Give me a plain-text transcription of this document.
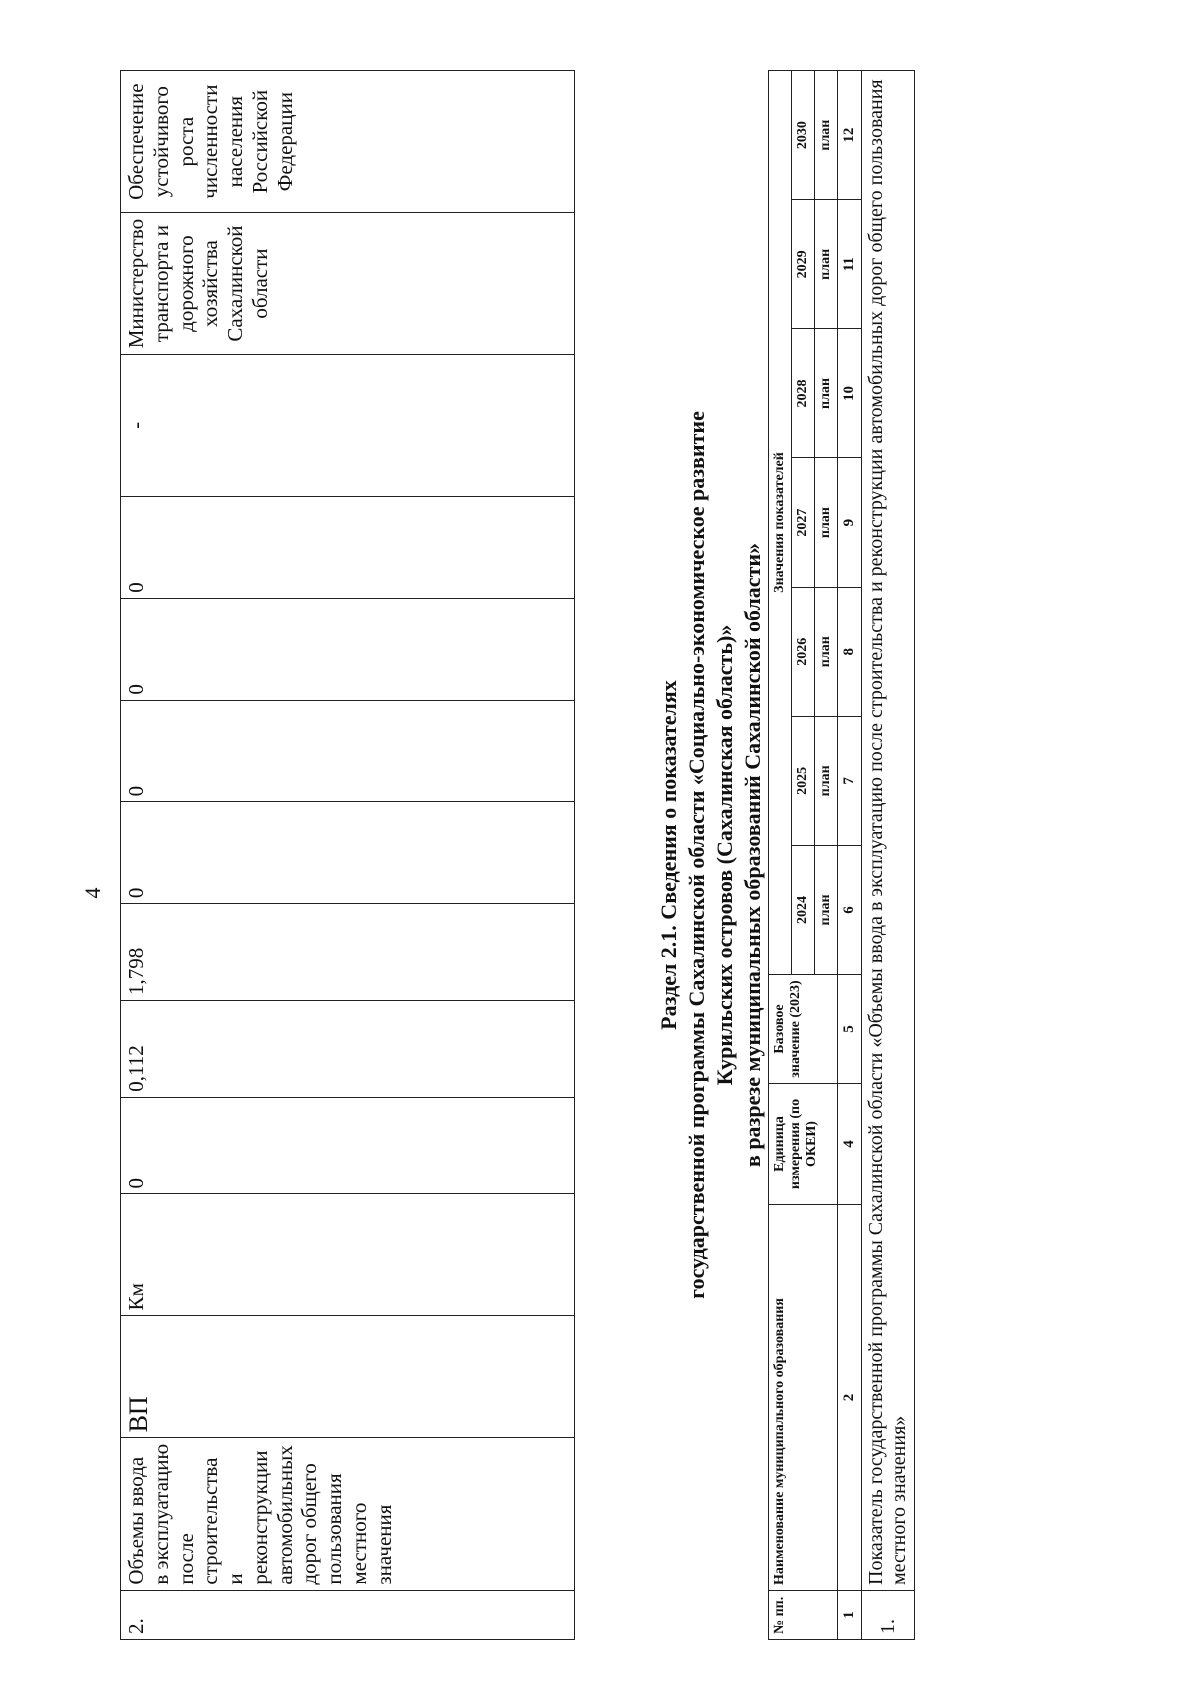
4
2.	Объемы ввода в эксплуатацию после строительства и реконструкции автомобильных дорог общего пользования местного значения	ВП	Км	0	0,112	1,798	0	0	0	0	-	Министерство транспорта и дорожного хозяйства Сахалинской области	Обеспечение устойчивого роста численности населения Российской Федерации
Раздел 2.1. Сведения о показателях государственной программы Сахалинской области «Социально-экономическое развитие Курильских островов (Сахалинская область)» в разрезе муниципальных образований Сахалинской области»
№ пп.	Наименование муниципального образования	Единица измерения (по ОКЕИ)	Базовое значение (2023)	Значения показателей						
				2024	2025	2026	2027	2028	2029	2030
				план	план	план	план	план	план	план
1	2	4	5	6	7	8	9	10	11	12
1.	Показатель государственной программы Сахалинской области «Объемы ввода в эксплуатацию после строительства и реконструкции автомобильных дорог общего пользования местного значения»									
